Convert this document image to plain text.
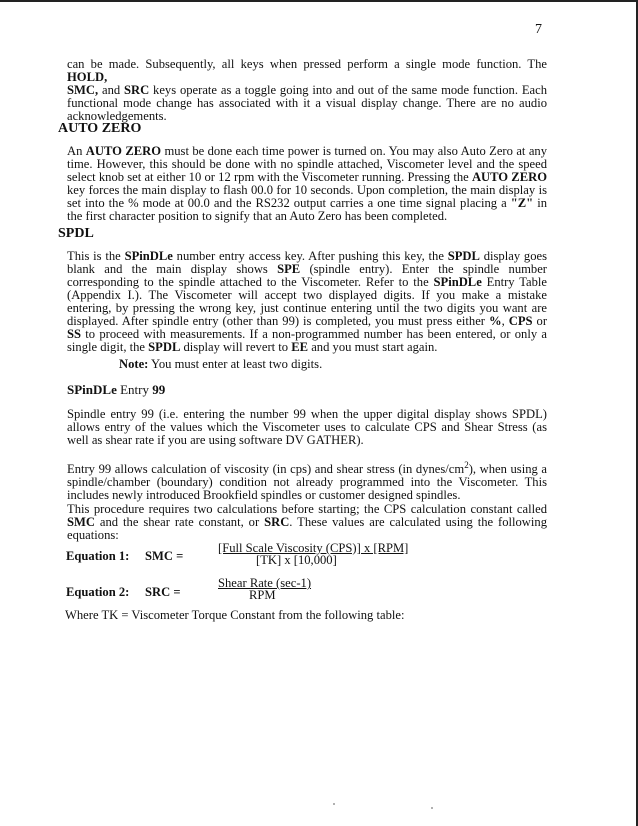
7

can be made. Subsequently, all keys when pressed perform a single mode function. The HOLD,
SMC, and SRC keys operate as a toggle going into and out of the same mode function. Each functional mode change has associated with it a visual display change. There are no audio acknowledgements.

AUTO ZERO

An AUTO ZERO must be done each time power is turned on. You may also Auto Zero at any time. However, this should be done with no spindle attached, Viscometer level and the speed select knob set at either 10 or 12 rpm with the Viscometer running. Pressing the AUTO ZERO key forces the main display to flash 00.0 for 10 seconds. Upon completion, the main display is set into the % mode at 00.0 and the RS232 output carries a one time signal placing a "Z" in the first character position to signify that an Auto Zero has been completed.

SPDL

This is the SPinDLe number entry access key. After pushing this key, the SPDL display goes blank and the main display shows SPE (spindle entry). Enter the spindle number corresponding to the spindle attached to the Viscometer. Refer to the SPinDLe Entry Table (Appendix I.). The Viscometer will accept two displayed digits. If you make a mistake entering, by pressing the wrong key, just continue entering until the two digits you want are displayed. After spindle entry (other than 99) is completed, you must press either %, CPS or SS to proceed with measurements. If a non-programmed number has been entered, or only a single digit, the SPDL display will revert to EE and you must start again.

Note: You must enter at least two digits.
SPinDLe Entry 99

Spindle entry 99 (i.e. entering the number 99 when the upper digital display shows SPDL) allows entry of the values which the Viscometer uses to calculate CPS and Shear Stress (as well as shear rate if you are using software DV GATHER).

Entry 99 allows calculation of viscosity (in cps) and shear stress (in dynes/$cm^2$), when using a spindle/chamber (boundary) condition not already programmed into the Viscometer. This includes newly introduced Brookfield spindles or customer designed spindles.

This procedure requires two calculations before starting; the CPS calculation constant called SMC and the shear rate constant, or SRC. These values are calculated using the following equations:

Equation 1: SMC =
[Full Scale Viscosity (CPS)] x [RPM]
[TK] x [10,000]
Equation 2: SRC =
Shear Rate (sec-1)
RPM

Where TK = Viscometer Torque Constant from the following table:
